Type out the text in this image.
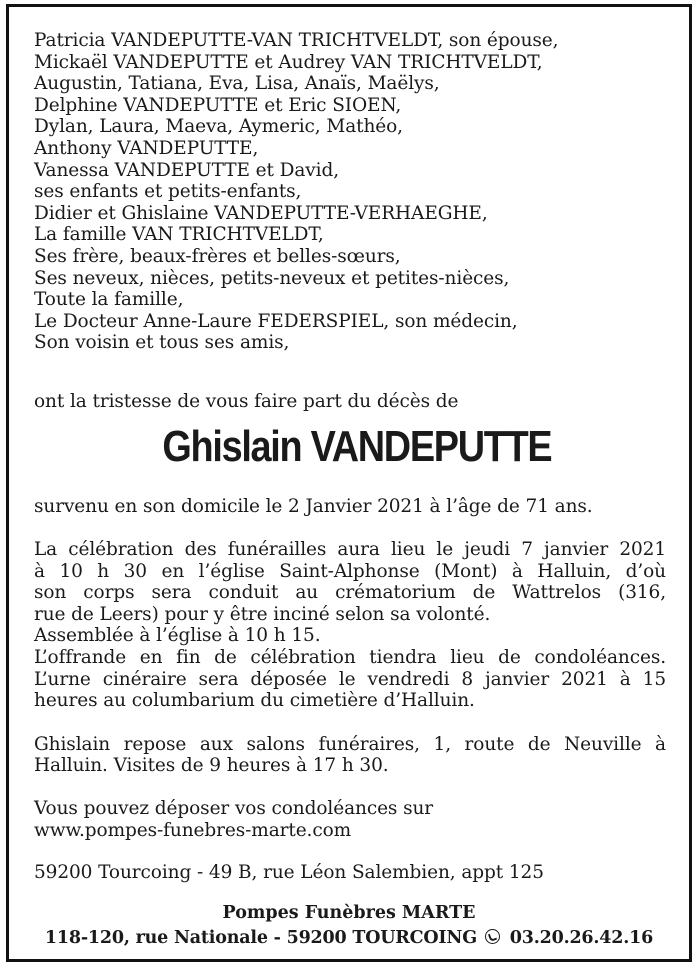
Patricia VANDEPUTTE-VAN TRICHTVELDT, son épouse,
Mickaël VANDEPUTTE et Audrey VAN TRICHTVELDT,
Augustin, Tatiana, Eva, Lisa, Anaïs, Maëlys,
Delphine VANDEPUTTE et Eric SIOEN,
Dylan, Laura, Maeva, Aymeric, Mathéo,
Anthony VANDEPUTTE,
Vanessa VANDEPUTTE et David,
ses enfants et petits-enfants,
Didier et Ghislaine VANDEPUTTE-VERHAEGHE,
La famille VAN TRICHTVELDT,
Ses frère, beaux-frères et belles-sœurs,
Ses neveux, nièces, petits-neveux et petites-nièces,
Toute la famille,
Le Docteur Anne-Laure FEDERSPIEL, son médecin,
Son voisin et tous ses amis,
ont la tristesse de vous faire part du décès de
Ghislain VANDEPUTTE
survenu en son domicile le 2 Janvier 2021 à l’âge de 71 ans.
La célébration des funérailles aura lieu le jeudi 7 janvier 2021
à 10 h 30 en l’église Saint-Alphonse (Mont) à Halluin, d’où
son corps sera conduit au crématorium de Wattrelos (316,
rue de Leers) pour y être inciné selon sa volonté.
Assemblée à l’église à 10 h 15.
L’offrande en fin de célébration tiendra lieu de condoléances.
L’urne cinéraire sera déposée le vendredi 8 janvier 2021 à 15
heures au columbarium du cimetière d’Halluin.
Ghislain repose aux salons funéraires, 1, route de Neuville à
Halluin. Visites de 9 heures à 17 h 30.
Vous pouvez déposer vos condoléances sur
www.pompes-funebres-marte.com
59200 Tourcoing - 49 B, rue Léon Salembien, appt 125
Pompes Funèbres MARTE
118-120, rue Nationale - 59200 TOURCOING 03.20.26.42.16
